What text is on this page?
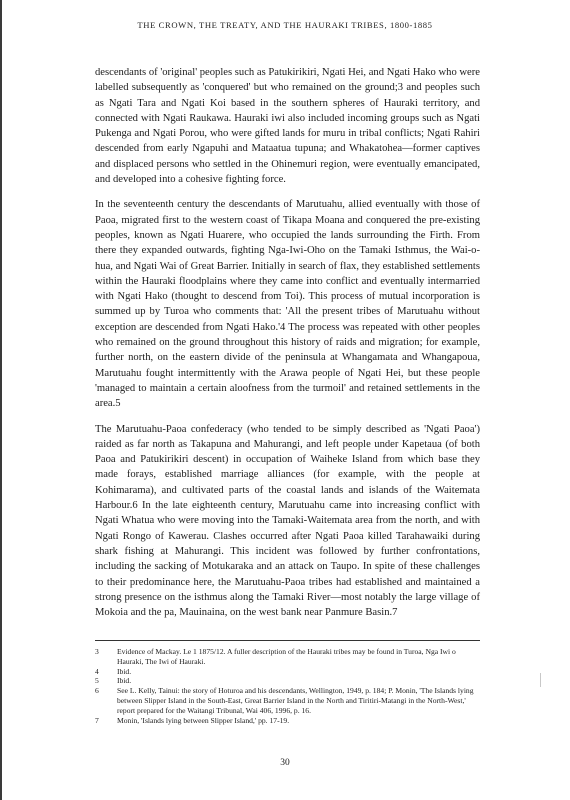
THE CROWN, THE TREATY, AND THE HAURAKI TRIBES, 1800-1885

descendants of 'original' peoples such as Patukirikiri, Ngati Hei, and Ngati Hako who were labelled subsequently as 'conquered' but who remained on the ground;3 and peoples such as Ngati Tara and Ngati Koi based in the southern spheres of Hauraki territory, and connected with Ngati Raukawa. Hauraki iwi also included incoming groups such as Ngati Pukenga and Ngati Porou, who were gifted lands for muru in tribal conflicts; Ngati Rahiri descended from early Ngapuhi and Mataatua tupuna; and Whakatohea—former captives and displaced persons who settled in the Ohinemuri region, were eventually emancipated, and developed into a cohesive fighting force.

In the seventeenth century the descendants of Marutuahu, allied eventually with those of Paoa, migrated first to the western coast of Tikapa Moana and conquered the pre-existing peoples, known as Ngati Huarere, who occupied the lands surrounding the Firth. From there they expanded outwards, fighting Nga-Iwi-Oho on the Tamaki Isthmus, the Wai-o-hua, and Ngati Wai of Great Barrier. Initially in search of flax, they established settlements within the Hauraki floodplains where they came into conflict and eventually intermarried with Ngati Hako (thought to descend from Toi). This process of mutual incorporation is summed up by Turoa who comments that: 'All the present tribes of Marutuahu without exception are descended from Ngati Hako.'4 The process was repeated with other peoples who remained on the ground throughout this history of raids and migration; for example, further north, on the eastern divide of the peninsula at Whangamata and Whangapoua, Marutuahu fought intermittently with the Arawa people of Ngati Hei, but these people 'managed to maintain a certain aloofness from the turmoil' and retained settlements in the area.5

The Marutuahu-Paoa confederacy (who tended to be simply described as 'Ngati Paoa') raided as far north as Takapuna and Mahurangi, and left people under Kapetaua (of both Paoa and Patukirikiri descent) in occupation of Waiheke Island from which base they made forays, established marriage alliances (for example, with the people at Kohimarama), and cultivated parts of the coastal lands and islands of the Waitemata Harbour.6 In the late eighteenth century, Marutuahu came into increasing conflict with Ngati Whatua who were moving into the Tamaki-Waitemata area from the north, and with Ngati Rongo of Kawerau. Clashes occurred after Ngati Paoa killed Tarahawaiki during shark fishing at Mahurangi. This incident was followed by further confrontations, including the sacking of Motukaraka and an attack on Taupo. In spite of these challenges to their predominance here, the Marutuahu-Paoa tribes had established and maintained a strong presence on the isthmus along the Tamaki River—most notably the large village of Mokoia and the pa, Mauinaina, on the west bank near Panmure Basin.7

3	Evidence of Mackay. Le 1 1875/12. A fuller description of the Hauraki tribes may be found in Turoa, Nga Iwi o Hauraki, The Iwi of Hauraki.
4	Ibid.
5	Ibid.
6	See L. Kelly, Tainui: the story of Hoturoa and his descendants, Wellington, 1949, p. 184; P. Monin, 'The Islands lying between Slipper Island in the South-East, Great Barrier Island in the North and Tiritiri-Matangi in the North-West,' report prepared for the Waitangi Tribunal, Wai 406, 1996, p. 16.
7	Monin, 'Islands lying between Slipper Island,' pp. 17-19.
30
